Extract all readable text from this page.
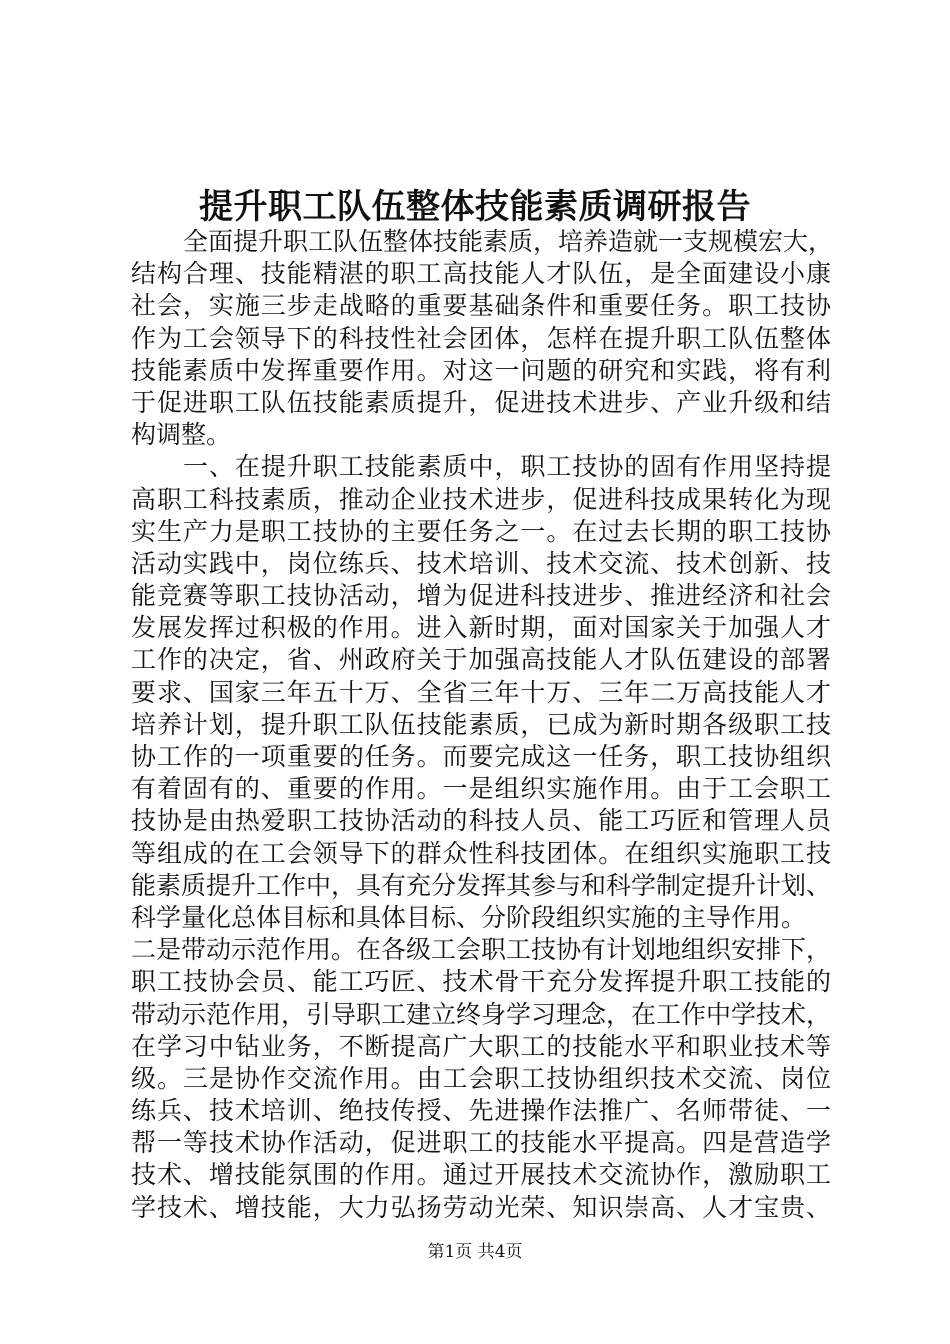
提升职工队伍整体技能素质调研报告
全面提升职工队伍整体技能素质，培养造就一支规模宏大，
结构合理、技能精湛的职工高技能人才队伍，是全面建设小康
社会，实施三步走战略的重要基础条件和重要任务。职工技协
作为工会领导下的科技性社会团体，怎样在提升职工队伍整体
技能素质中发挥重要作用。对这一问题的研究和实践，将有利
于促进职工队伍技能素质提升，促进技术进步、产业升级和结
构调整。
一、在提升职工技能素质中，职工技协的固有作用坚持提
高职工科技素质，推动企业技术进步，促进科技成果转化为现
实生产力是职工技协的主要任务之一。在过去长期的职工技协
活动实践中，岗位练兵、技术培训、技术交流、技术创新、技
能竞赛等职工技协活动，增为促进科技进步、推进经济和社会
发展发挥过积极的作用。进入新时期，面对国家关于加强人才
工作的决定，省、州政府关于加强高技能人才队伍建设的部署
要求、国家三年五十万、全省三年十万、三年二万高技能人才
培养计划，提升职工队伍技能素质，已成为新时期各级职工技
协工作的一项重要的任务。而要完成这一任务，职工技协组织
有着固有的、重要的作用。一是组织实施作用。由于工会职工
技协是由热爱职工技协活动的科技人员、能工巧匠和管理人员
等组成的在工会领导下的群众性科技团体。在组织实施职工技
能素质提升工作中，具有充分发挥其参与和科学制定提升计划、
科学量化总体目标和具体目标、分阶段组织实施的主导作用。
二是带动示范作用。在各级工会职工技协有计划地组织安排下，
职工技协会员、能工巧匠、技术骨干充分发挥提升职工技能的
带动示范作用，引导职工建立终身学习理念，在工作中学技术，
在学习中钻业务，不断提高广大职工的技能水平和职业技术等
级。三是协作交流作用。由工会职工技协组织技术交流、岗位
练兵、技术培训、绝技传授、先进操作法推广、名师带徒、一
帮一等技术协作活动，促进职工的技能水平提高。四是营造学
技术、增技能氛围的作用。通过开展技术交流协作，激励职工
学技术、增技能，大力弘扬劳动光荣、知识崇高、人才宝贵、
第1页 共4页
